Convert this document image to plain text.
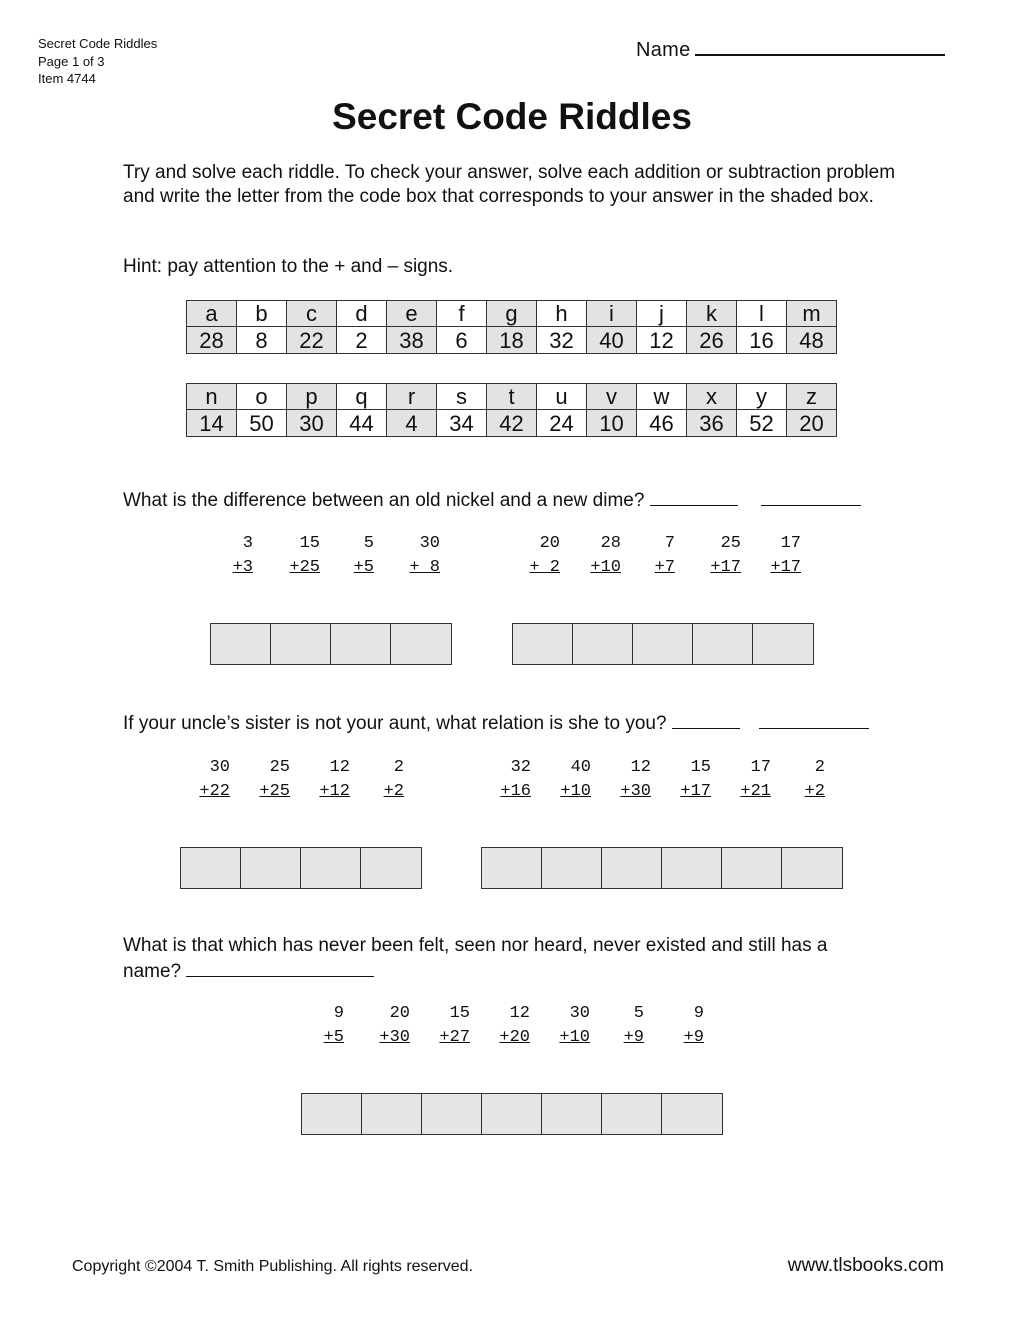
Secret Code Riddles
Page 1 of 3
Item 4744
Name
Secret Code Riddles

Try and solve each riddle. To check your answer, solve each addition or subtraction problem and write the letter from the code box that corresponds to your answer in the shaded box.

Hint: pay attention to the + and – signs.

a	b	c	d	e	f	g	h	i	j	k	l	m
28	8	22	2	38	6	18	32	40	12	26	16	48
n	o	p	q	r	s	t	u	v	w	x	y	z
14	50	30	44	4	34	42	24	10	46	36	52	20

What is the difference between an old nickel and a new dime?

3
+3
15
+25
5
+5
30
+ 8
20
+ 2
28
+10
7
+7
25
+17
17
+17

If your uncle’s sister is not your aunt, what relation is she to you?

30
+22
25
+25
12
+12
2
+2
32
+16
40
+10
12
+30
15
+17
17
+21
2
+2

What is that which has never been felt, seen nor heard, never existed and still has a name?

9
+5
20
+30
15
+27
12
+20
30
+10
5
+9
9
+9
Copyright ©2004 T. Smith Publishing. All rights reserved.	www.tlsbooks.com
